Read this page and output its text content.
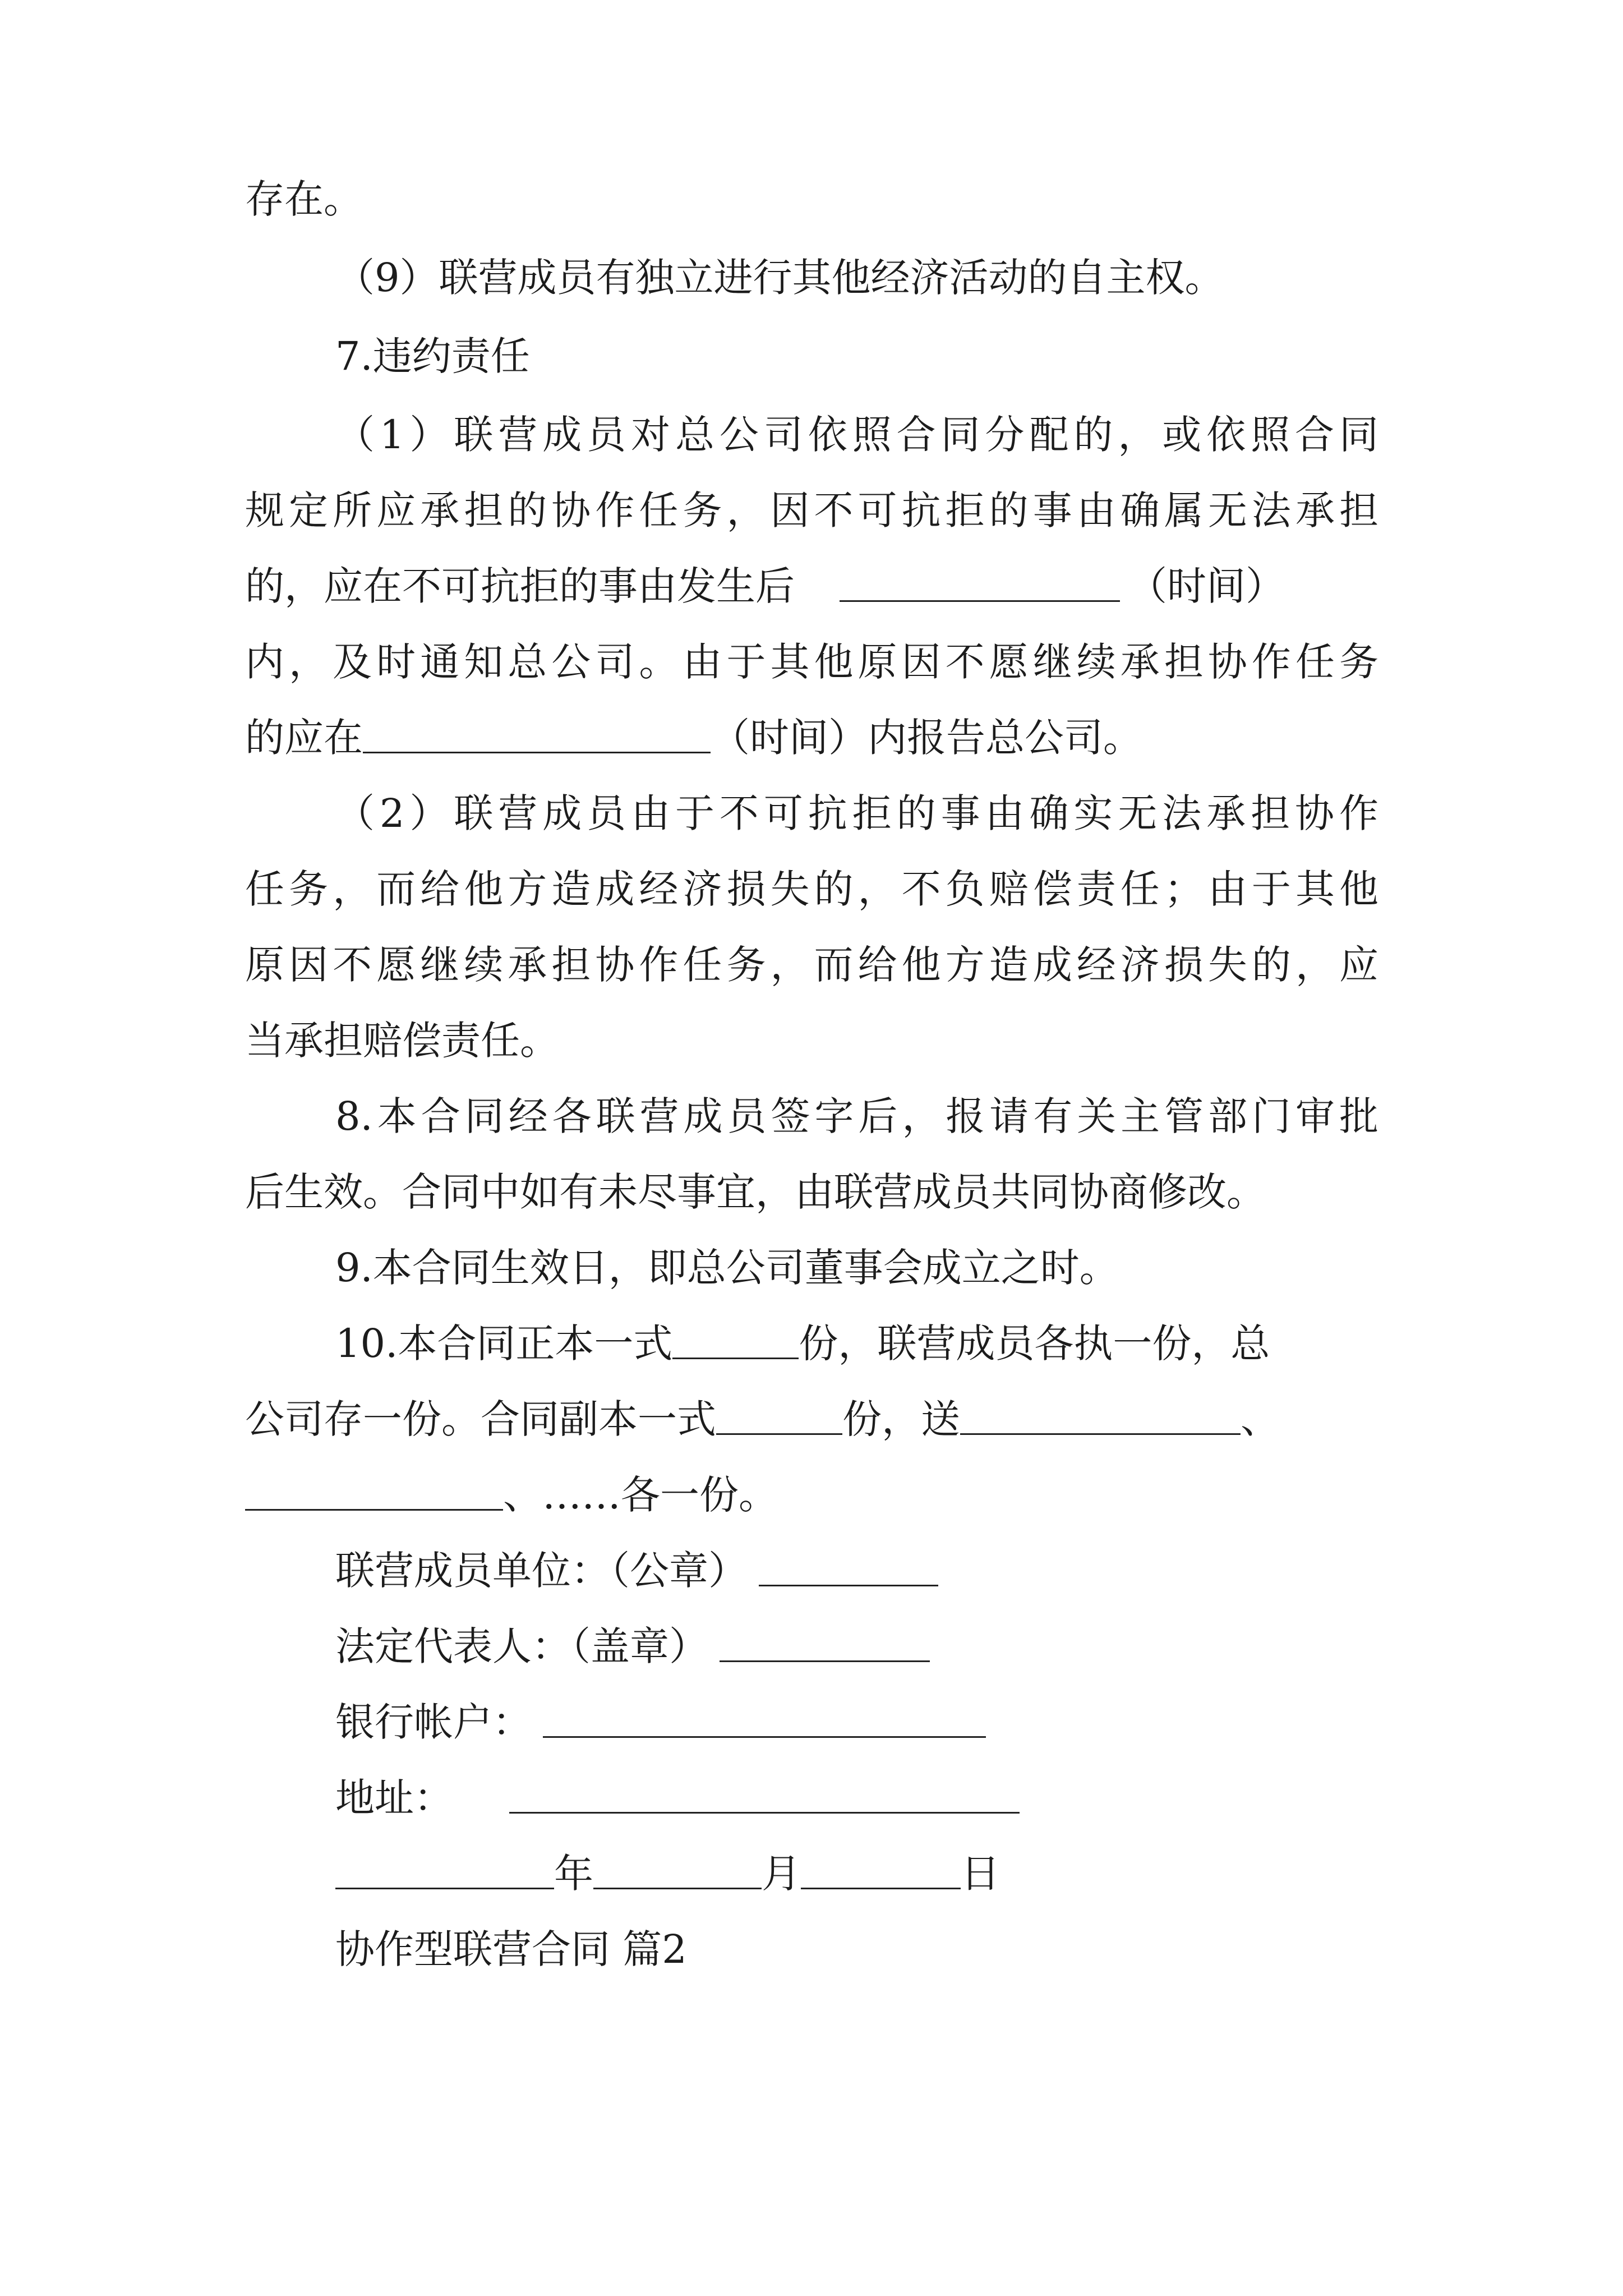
存在。
（9）联营成员有独立进行其他经济活动的自主权。
7.违约责任
（1）联营成员对总公司依照合同分配的，或依照合同
规定所应承担的协作任务，因不可抗拒的事由确属无法承担
的，应在不可抗拒的事由发生后	（时间）
内，及时通知总公司。由于其他原因不愿继续承担协作任务
的应在	（时间）内报告总公司。
（2）联营成员由于不可抗拒的事由确实无法承担协作
任务，而给他方造成经济损失的，不负赔偿责任；由于其他
原因不愿继续承担协作任务，而给他方造成经济损失的，应
当承担赔偿责任。
8.本合同经各联营成员签字后，报请有关主管部门审批
后生效。合同中如有未尽事宜，由联营成员共同协商修改。
9.本合同生效日，即总公司董事会成立之时。
10.本合同正本一式	份，联营成员各执一份，总
公司存一份。合同副本一式	份，送	、
、……各一份。
联营成员单位：（公章）
法定代表人：（盖章）
银行帐户：
地址：
年	月	日
协作型联营合同 篇2
